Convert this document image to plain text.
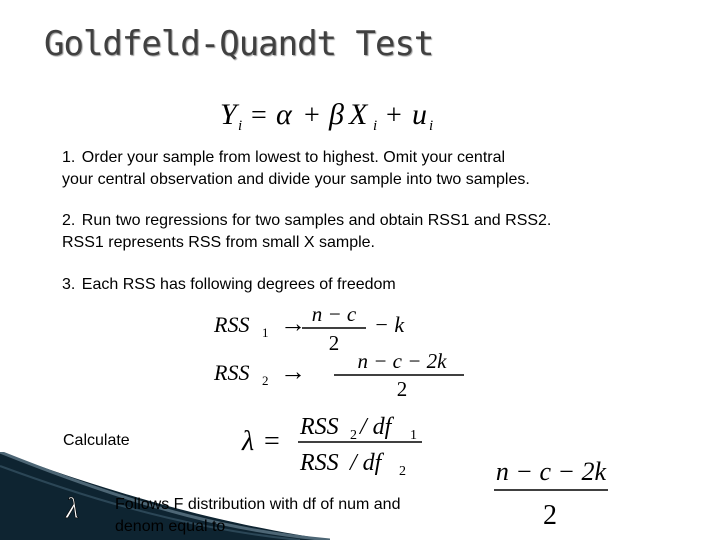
Goldfeld-Quandt Test
Y i = α + β X i + u i

1. Order your sample from lowest to highest. Omit your central
your central observation and divide your sample into two samples.

2. Run two regressions for two samples and obtain RSS1 and RSS2.
RSS1 represents RSS from small X sample.

3. Each RSS has following degrees of freedom

RSS 1 → n − c
2
− k
RSS 2 → n − c − 2k
2
Calculate	λ = RSS 2 / df 1
RSS / df 2	n − c − 2k
2
λ Follows F distribution with df of num and
denom equal to
